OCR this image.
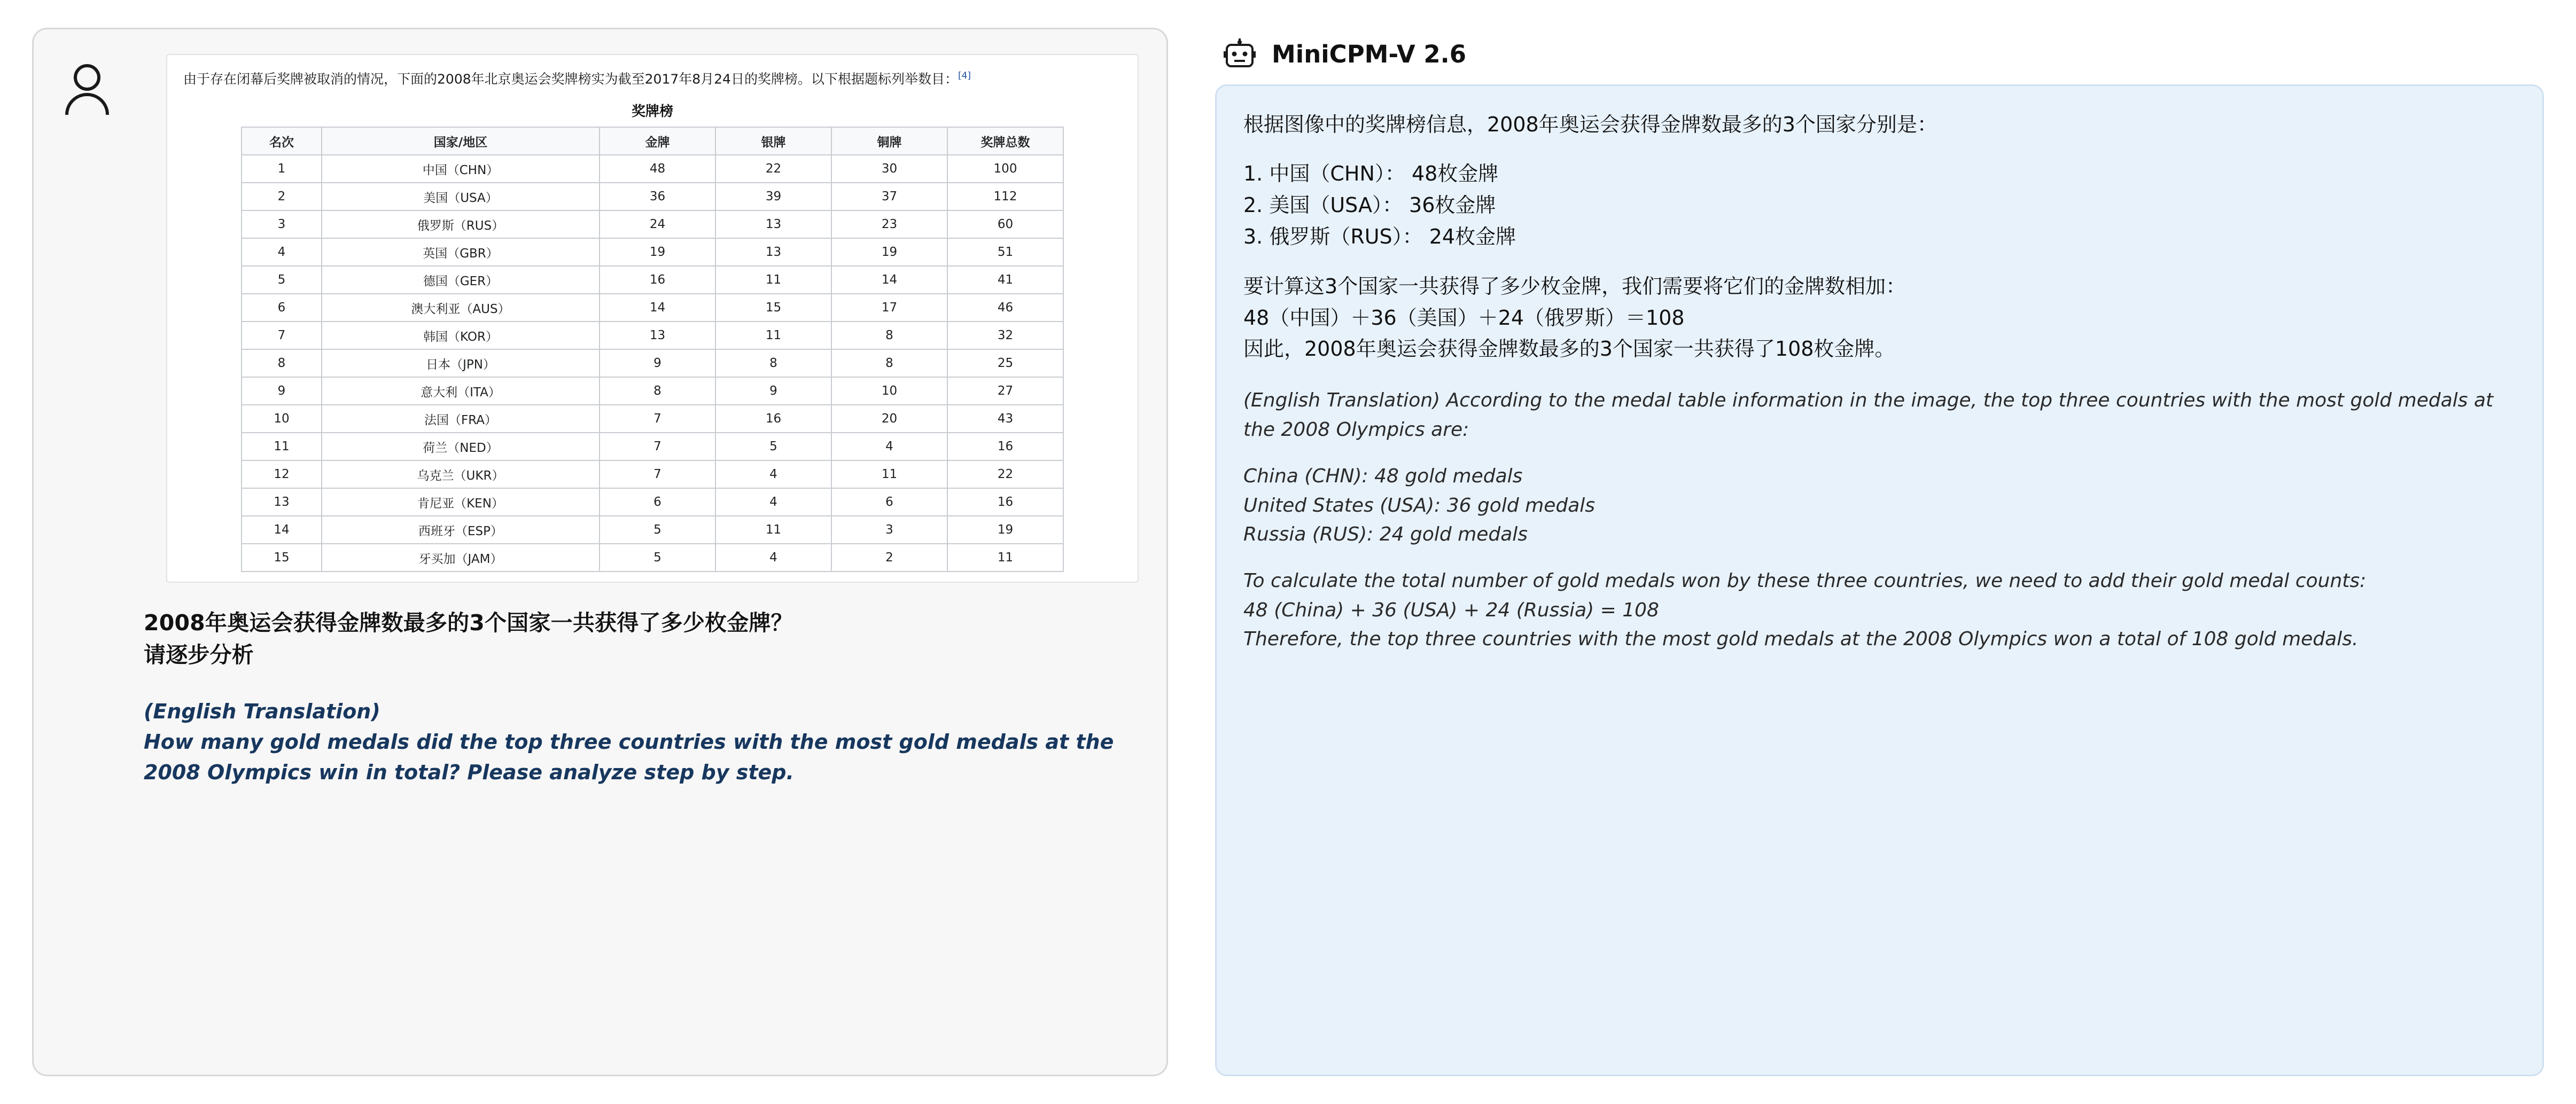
由于存在闭幕后奖牌被取消的情况，下面的2008年北京奥运会奖牌榜实为截至2017年8月24日的奖牌榜。以下根据题标列举数目：[4]
奖牌榜
名次	国家/地区	金牌	银牌	铜牌	奖牌总数
1	中国（CHN）	48	22	30	100
2	美国（USA）	36	39	37	112
3	俄罗斯（RUS）	24	13	23	60
4	英国（GBR）	19	13	19	51
5	德国（GER）	16	11	14	41
6	澳大利亚（AUS）	14	15	17	46
7	韩国（KOR）	13	11	8	32
8	日本（JPN）	9	8	8	25
9	意大利（ITA）	8	9	10	27
10	法国（FRA）	7	16	20	43
11	荷兰（NED）	7	5	4	16
12	乌克兰（UKR）	7	4	11	22
13	肯尼亚（KEN）	6	4	6	16
14	西班牙（ESP）	5	11	3	19
15	牙买加（JAM）	5	4	2	11
2008年奥运会获得金牌数最多的3个国家一共获得了多少枚金牌？
请逐步分析
(English Translation)
How many gold medals did the top three countries with the most gold medals at the 2008 Olympics win in total? Please analyze step by step.
MiniCPM-V 2.6

根据图像中的奖牌榜信息，2008年奥运会获得金牌数最多的3个国家分别是：

1. 中国（CHN）： 48枚金牌
2. 美国（USA）： 36枚金牌
3. 俄罗斯（RUS）： 24枚金牌
要计算这3个国家一共获得了多少枚金牌，我们需要将它们的金牌数相加：
48（中国）＋36（美国）＋24（俄罗斯）＝108
因此，2008年奥运会获得金牌数最多的3个国家一共获得了108枚金牌。

(English Translation) According to the medal table information in the image, the top three countries with the most gold medals at the 2008 Olympics are:

China (CHN): 48 gold medals
United States (USA): 36 gold medals
Russia (RUS): 24 gold medals
To calculate the total number of gold medals won by these three countries, we need to add their gold medal counts:
48 (China) + 36 (USA) + 24 (Russia) = 108
Therefore, the top three countries with the most gold medals at the 2008 Olympics won a total of 108 gold medals.
